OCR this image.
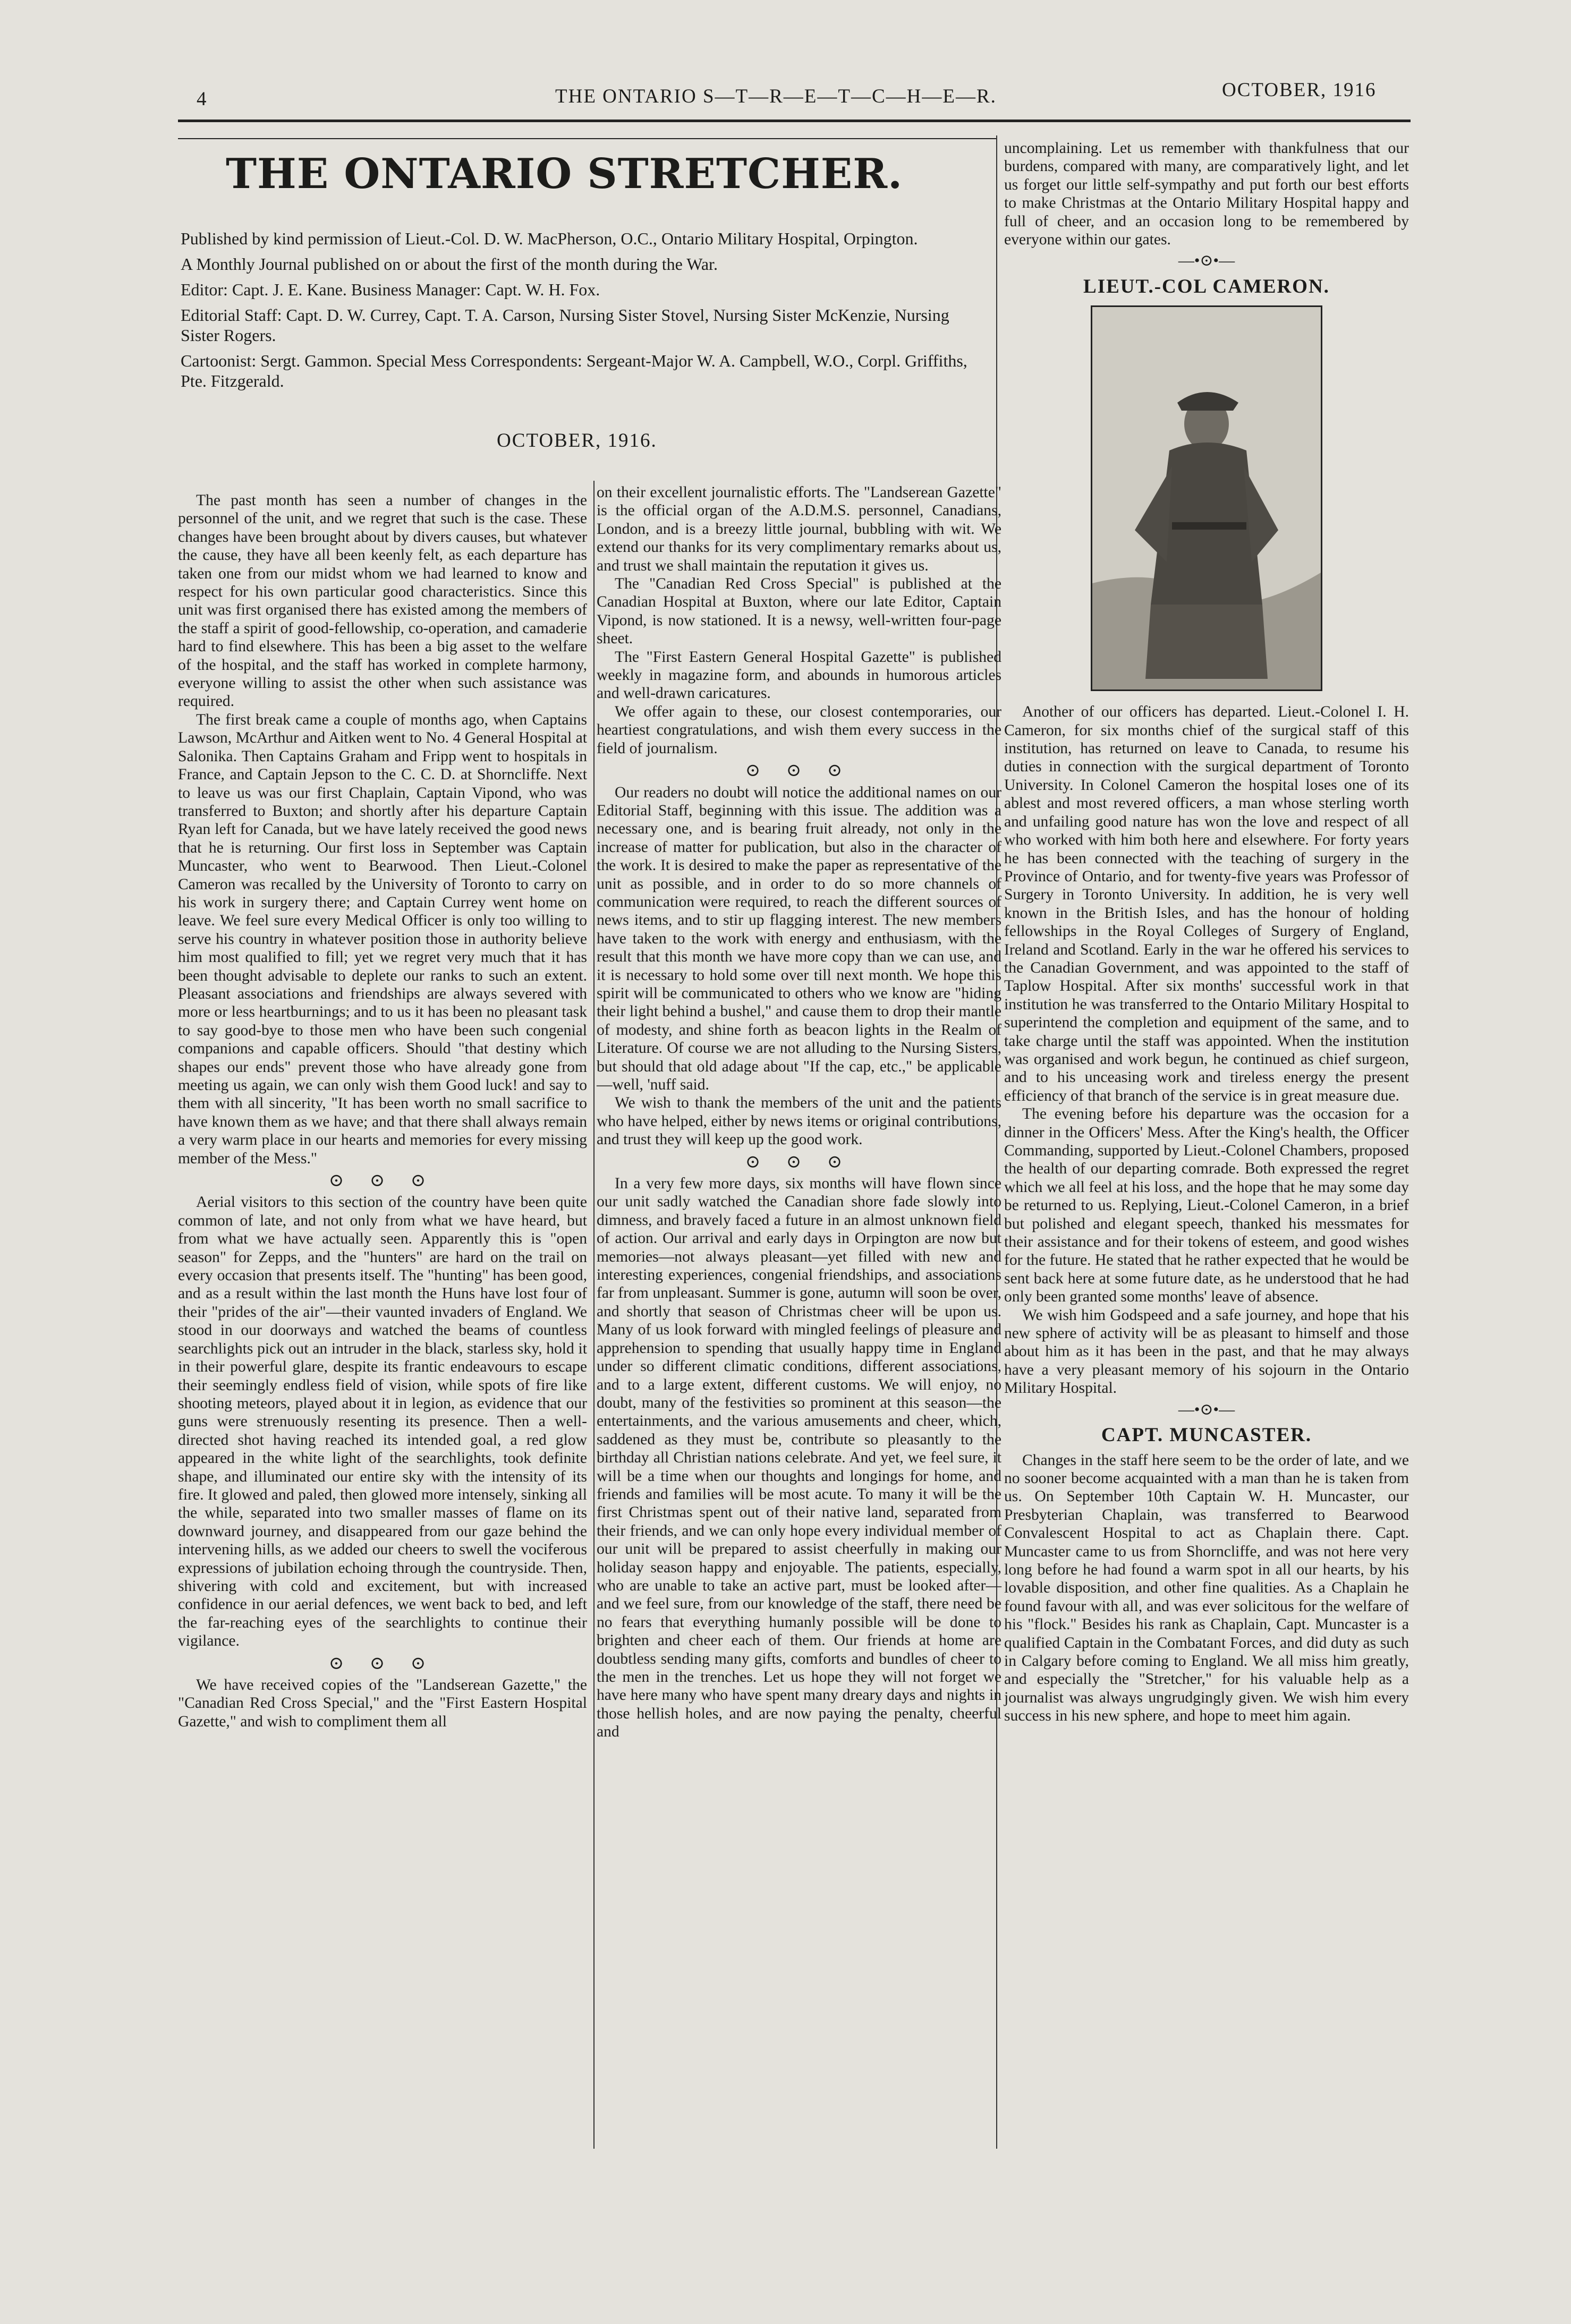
4	THE ONTARIO S—T—R—E—T—C—H—E—R.	OCTOBER, 1916
THE ONTARIO STRETCHER.

Published by kind permission of Lieut.-Col. D. W. MacPherson, O.C., Ontario Military Hospital, Orpington.

A Monthly Journal published on or about the first of the month during the War.

Editor: Capt. J. E. Kane. Business Manager: Capt. W. H. Fox.

Editorial Staff: Capt. D. W. Currey, Capt. T. A. Carson, Nursing Sister Stovel, Nursing Sister McKenzie, Nursing Sister Rogers.

Cartoonist: Sergt. Gammon. Special Mess Correspondents: Sergeant-Major W. A. Campbell, W.O., Corpl. Griffiths, Pte. Fitzgerald.

OCTOBER, 1916.

The past month has seen a number of changes in the personnel of the unit, and we regret that such is the case. These changes have been brought about by divers causes, but whatever the cause, they have all been keenly felt, as each departure has taken one from our midst whom we had learned to know and respect for his own particular good characteristics. Since this unit was first organised there has existed among the members of the staff a spirit of good-fellowship, co-operation, and camaderie hard to find elsewhere. This has been a big asset to the welfare of the hospital, and the staff has worked in complete harmony, everyone willing to assist the other when such assistance was required.

The first break came a couple of months ago, when Captains Lawson, McArthur and Aitken went to No. 4 General Hospital at Salonika. Then Captains Graham and Fripp went to hospitals in France, and Captain Jepson to the C. C. D. at Shorncliffe. Next to leave us was our first Chaplain, Captain Vipond, who was transferred to Buxton; and shortly after his departure Captain Ryan left for Canada, but we have lately received the good news that he is returning. Our first loss in September was Captain Muncaster, who went to Bearwood. Then Lieut.-Colonel Cameron was recalled by the University of Toronto to carry on his work in surgery there; and Captain Currey went home on leave. We feel sure every Medical Officer is only too willing to serve his country in whatever position those in authority believe him most qualified to fill; yet we regret very much that it has been thought advisable to deplete our ranks to such an extent. Pleasant associations and friendships are always severed with more or less heartburnings; and to us it has been no pleasant task to say good-bye to those men who have been such congenial companions and capable officers. Should "that destiny which shapes our ends" prevent those who have already gone from meeting us again, we can only wish them Good luck! and say to them with all sincerity, "It has been worth no small sacrifice to have known them as we have; and that there shall always remain a very warm place in our hearts and memories for every missing member of the Mess."

⊙ ⊙ ⊙

Aerial visitors to this section of the country have been quite common of late, and not only from what we have heard, but from what we have actually seen. Apparently this is "open season" for Zepps, and the "hunters" are hard on the trail on every occasion that presents itself. The "hunting" has been good, and as a result within the last month the Huns have lost four of their "prides of the air"—their vaunted invaders of England. We stood in our doorways and watched the beams of countless searchlights pick out an intruder in the black, starless sky, hold it in their powerful glare, despite its frantic endeavours to escape their seemingly endless field of vision, while spots of fire like shooting meteors, played about it in legion, as evidence that our guns were strenuously resenting its presence. Then a well-directed shot having reached its intended goal, a red glow appeared in the white light of the searchlights, took definite shape, and illuminated our entire sky with the intensity of its fire. It glowed and paled, then glowed more intensely, sinking all the while, separated into two smaller masses of flame on its downward journey, and disappeared from our gaze behind the intervening hills, as we added our cheers to swell the vociferous expressions of jubilation echoing through the countryside. Then, shivering with cold and excitement, but with increased confidence in our aerial defences, we went back to bed, and left the far-reaching eyes of the searchlights to continue their vigilance.

⊙ ⊙ ⊙

We have received copies of the "Landserean Gazette," the "Canadian Red Cross Special," and the "First Eastern Hospital Gazette," and wish to compliment them all

on their excellent journalistic efforts. The "Landserean Gazette" is the official organ of the A.D.M.S. personnel, Canadians, London, and is a breezy little journal, bubbling with wit. We extend our thanks for its very complimentary remarks about us, and trust we shall maintain the reputation it gives us.

The "Canadian Red Cross Special" is published at the Canadian Hospital at Buxton, where our late Editor, Captain Vipond, is now stationed. It is a newsy, well-written four-page sheet.

The "First Eastern General Hospital Gazette" is published weekly in magazine form, and abounds in humorous articles and well-drawn caricatures.

We offer again to these, our closest contemporaries, our heartiest congratulations, and wish them every success in the field of journalism.

⊙ ⊙ ⊙

Our readers no doubt will notice the additional names on our Editorial Staff, beginning with this issue. The addition was a necessary one, and is bearing fruit already, not only in the increase of matter for publication, but also in the character of the work. It is desired to make the paper as representative of the unit as possible, and in order to do so more channels of communication were required, to reach the different sources of news items, and to stir up flagging interest. The new members have taken to the work with energy and enthusiasm, with the result that this month we have more copy than we can use, and it is necessary to hold some over till next month. We hope this spirit will be communicated to others who we know are "hiding their light behind a bushel," and cause them to drop their mantle of modesty, and shine forth as beacon lights in the Realm of Literature. Of course we are not alluding to the Nursing Sisters, but should that old adage about "If the cap, etc.," be applicable—well, 'nuff said.

We wish to thank the members of the unit and the patients who have helped, either by news items or original contributions, and trust they will keep up the good work.

⊙ ⊙ ⊙

In a very few more days, six months will have flown since our unit sadly watched the Canadian shore fade slowly into dimness, and bravely faced a future in an almost unknown field of action. Our arrival and early days in Orpington are now but memories—not always pleasant—yet filled with new and interesting experiences, congenial friendships, and associations far from unpleasant. Summer is gone, autumn will soon be over, and shortly that season of Christmas cheer will be upon us. Many of us look forward with mingled feelings of pleasure and apprehension to spending that usually happy time in England under so different climatic conditions, different associations, and to a large extent, different customs. We will enjoy, no doubt, many of the festivities so prominent at this season—the entertainments, and the various amusements and cheer, which, saddened as they must be, contribute so pleasantly to the birthday all Christian nations celebrate. And yet, we feel sure, it will be a time when our thoughts and longings for home, and friends and families will be most acute. To many it will be the first Christmas spent out of their native land, separated from their friends, and we can only hope every individual member of our unit will be prepared to assist cheerfully in making our holiday season happy and enjoyable. The patients, especially, who are unable to take an active part, must be looked after—and we feel sure, from our knowledge of the staff, there need be no fears that everything humanly possible will be done to brighten and cheer each of them. Our friends at home are doubtless sending many gifts, comforts and bundles of cheer to the men in the trenches. Let us hope they will not forget we have here many who have spent many dreary days and nights in those hellish holes, and are now paying the penalty, cheerful and

uncomplaining. Let us remember with thankfulness that our burdens, compared with many, are comparatively light, and let us forget our little self-sympathy and put forth our best efforts to make Christmas at the Ontario Military Hospital happy and full of cheer, and an occasion long to be remembered by everyone within our gates.

—•⊙•—
LIEUT.-COL CAMERON.

Another of our officers has departed. Lieut.-Colonel I. H. Cameron, for six months chief of the surgical staff of this institution, has returned on leave to Canada, to resume his duties in connection with the surgical department of Toronto University. In Colonel Cameron the hospital loses one of its ablest and most revered officers, a man whose sterling worth and unfailing good nature has won the love and respect of all who worked with him both here and elsewhere. For forty years he has been connected with the teaching of surgery in the Province of Ontario, and for twenty-five years was Professor of Surgery in Toronto University. In addition, he is very well known in the British Isles, and has the honour of holding fellowships in the Royal Colleges of Surgery of England, Ireland and Scotland. Early in the war he offered his services to the Canadian Government, and was appointed to the staff of Taplow Hospital. After six months' successful work in that institution he was transferred to the Ontario Military Hospital to superintend the completion and equipment of the same, and to take charge until the staff was appointed. When the institution was organised and work begun, he continued as chief surgeon, and to his unceasing work and tireless energy the present efficiency of that branch of the service is in great measure due.

The evening before his departure was the occasion for a dinner in the Officers' Mess. After the King's health, the Officer Commanding, supported by Lieut.-Colonel Chambers, proposed the health of our departing comrade. Both expressed the regret which we all feel at his loss, and the hope that he may some day be returned to us. Replying, Lieut.-Colonel Cameron, in a brief but polished and elegant speech, thanked his messmates for their assistance and for their tokens of esteem, and good wishes for the future. He stated that he rather expected that he would be sent back here at some future date, as he understood that he had only been granted some months' leave of absence.

We wish him Godspeed and a safe journey, and hope that his new sphere of activity will be as pleasant to himself and those about him as it has been in the past, and that he may always have a very pleasant memory of his sojourn in the Ontario Military Hospital.

—•⊙•—
CAPT. MUNCASTER.

Changes in the staff here seem to be the order of late, and we no sooner become acquainted with a man than he is taken from us. On September 10th Captain W. H. Muncaster, our Presbyterian Chaplain, was transferred to Bearwood Convalescent Hospital to act as Chaplain there. Capt. Muncaster came to us from Shorncliffe, and was not here very long before he had found a warm spot in all our hearts, by his lovable disposition, and other fine qualities. As a Chaplain he found favour with all, and was ever solicitous for the welfare of his "flock." Besides his rank as Chaplain, Capt. Muncaster is a qualified Captain in the Combatant Forces, and did duty as such in Calgary before coming to England. We all miss him greatly, and especially the "Stretcher," for his valuable help as a journalist was always ungrudgingly given. We wish him every success in his new sphere, and hope to meet him again.
